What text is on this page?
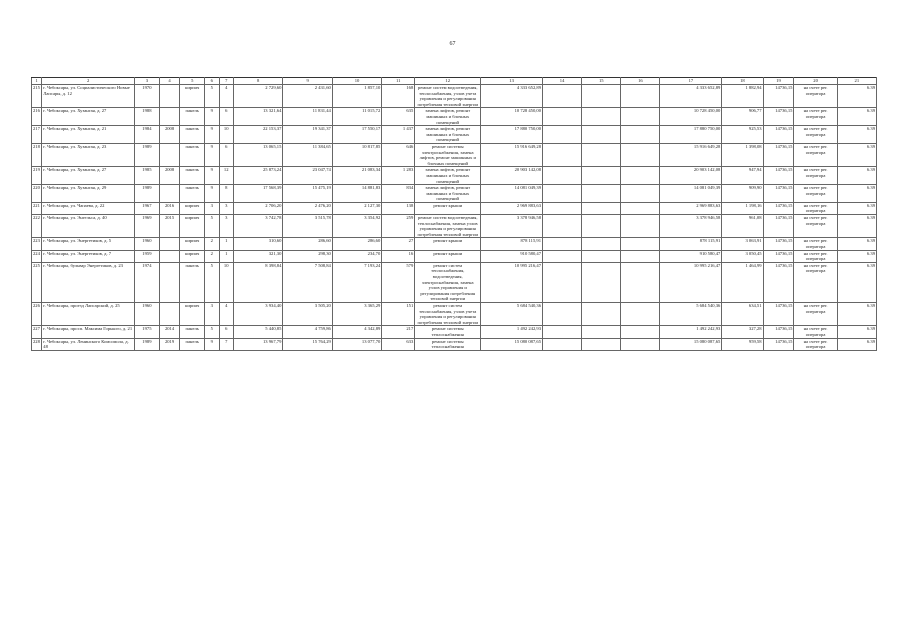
67
1	2	3	4	5	6	7	8	9	10	11	12	13	14	15	16	17	18	19	20	21
215	г. Чебоксары, ул. Социалистического Новые Лапсары, д. 12	1970		кирпич	5	4	2 729,60	2 431,60	1 857,10	168	ремонт систем водоотведения, теплоснабжения, узлов учета управления и регулирования потребления тепловой энергии	4 333 652,89				4 333 652,89	1 882,94	14736,15	на счете рег. оператора	6.39
216	г. Чебоксары, ул. Хузангая, д. 27	1988		панель	9	6	13 321,64	11 831,44	11 015,72	635	замена лифтов, ремонт машинных и блочных помещений	10 728 450,00				10 728 450,00	906,77	14736,15	на счете рег. оператора	6.39
217	г. Чебоксары, ул. Хузангая, д. 21	1984	2008	панель	9	10	22 153,37	19 341,37	17 550,17	1 437	замена лифтов, ремонт машинных и блочных помещений	17 880 750,00				17 880 750,00	925,53	14736,15	на счете рег. оператора	6.39
218	г. Чебоксары, ул. Хузангая, д. 23	1989		панель	9	6	13 065,15	11 384,65	10 817,85	646	ремонт системы электроснабжения, замена лифтов, ремонт машинных и блочных помещений	15 916 649,28				15 916 649,28	1 398,08	14736,15	на счете рег. оператора	6.39
219	г. Чебоксары, ул. Хузангая, д. 27	1985	2008	панель	9	12	25 873,24	23 047,74	21 083,34	1 283	замена лифтов, ремонт машинных и блочных помещений	20 903 142,08				20 903 142,08	947,94	14736,15	на счете рег. оператора	6.39
220	г. Чебоксары, ул. Хузангая, д. 29	1989		панель	9	8	17 568,39	15 475,19	14 881,83	834	замена лифтов, ремонт машинных и блочных помещений	14 081 049,39				14 081 049,39	909,90	14736,15	на счете рег. оператора	6.39
221	г. Чебоксары, ул. Чапаева, д. 22	1967	2016	кирпич	3	3	2 706,20	2 476,20	2 127,30	138	ремонт крыши	2 969 883,63				2 969 883,63	1 198,16	14736,15	на счете рег. оператора	6.39
222	г. Чебоксары, ул. Энгельса, д. 40	1969	2015	кирпич	5	3	3 742,78	3 515,78	3 354,92	259	ремонт систем водоотведения, теплоснабжения, замена узлов управления и регулирования потребления тепловой энергии	3 378 946,58				3 378 946,58	961,08	14736,15	на счете рег. оператора	6.39
223	г. Чебоксары, ул. Энергетиков, д. 5	1960		кирпич	2	1	310,60	286,60	286,60	27	ремонт крыши	878 115,91				878 115,91	3 063,91	14736,15	на счете рег. оператора	6.39
224	г. Чебоксары, ул. Энергетиков, д. 7	1959		кирпич	2	1	321,30	298,30	234,70	16	ремонт крыши	910 580,47				910 580,47	3 050,45	14736,15	на счете рег. оператора	6.39
225	г. Чебоксары, бульвар Энергетиков, д. 23	1974		панель	5	10	8 398,84	7 508,84	7 193,24	579	ремонт систем теплоснабжения, водоотведения, электроснабжения, замена узлов управления и регулирования потребления тепловой энергии	10 995 216,47				10 995 216,47	1 464,99	14736,15	на счете рег. оператора	6.39
226	г. Чебоксары, проезд Лапсарский, д. 25	1960		кирпич	3	4	3 934,40	3 505,20	3 365,29	151	ремонт систем теплоснабжения, узлов учета управления и регулирования потребления тепловой энергии	5 684 540,36				5 684 540,36	634,51	14736,15	на счете рег. оператора	6.39
227	г. Чебоксары, просп. Максима Горького, д. 21	1975	2014	панель	5	6	5 440,85	4 759,86	4 342,89	217	ремонт системы теплоснабжения	1 492 242,93				1 492 242,93	327,28	14736,15	на счете рег. оператора	6.39
228	г. Чебоксары, ул. Ленинского Комсомола, д. 48	1989	2019	панель	9	7	13 967,79	15 764,29	13 077,70	633	ремонт системы теплоснабжения	15 080 087,65				15 080 087,65	959,58	14736,15	на счете рег. оператора	6.39
